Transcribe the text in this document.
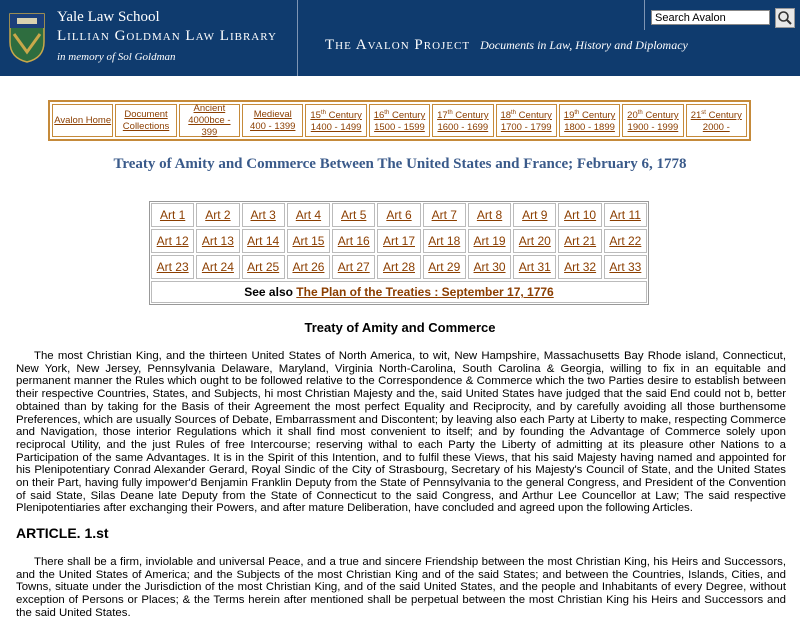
Yale Law School
Lillian Goldman Law Library
in memory of Sol Goldman
The Avalon Project Documents in Law, History and Diplomacy
Search Avalon
Avalon Home
Document
Collections
Ancient
4000bce - 399
Medieval
400 - 1399
15th Century
1400 - 1499
16th Century
1500 - 1599
17th Century
1600 - 1699
18th Century
1700 - 1799
19th Century
1800 - 1899
20th Century
1900 - 1999
21st Century
2000 -
Treaty of Amity and Commerce Between The United States and France; February 6, 1778
Art 1	Art 2	Art 3	Art 4	Art 5	Art 6	Art 7	Art 8	Art 9	Art 10	Art 11
Art 12	Art 13	Art 14	Art 15	Art 16	Art 17	Art 18	Art 19	Art 20	Art 21	Art 22
Art 23	Art 24	Art 25	Art 26	Art 27	Art 28	Art 29	Art 30	Art 31	Art 32	Art 33
See also The Plan of the Treaties : September 17, 1776
Treaty of Amity and Commerce
The most Christian King, and the thirteen United States of North America, to wit, New Hampshire, Massachusetts Bay Rhode island, Connecticut, New York, New Jersey, Pennsylvania Delaware, Maryland, Virginia North-Carolina, South Carolina & Georgia, willing to fix in an equitable and permanent manner the Rules which ought to be followed relative to the Correspondence & Commerce which the two Parties desire to establish between their respective Countries, States, and Subjects, hi most Christian Majesty and the, said United States have judged that the said End could not b, better obtained than by taking for the Basis of their Agreement the most perfect Equality and Reciprocity, and by carefully avoiding all those burthensome Preferences, which are usually Sources of Debate, Embarrassment and Discontent; by leaving also each Party at Liberty to make, respecting Commerce and Navigation, those interior Regulations which it shall find most convenient to itself; and by founding the Advantage of Commerce solely upon reciprocal Utility, and the just Rules of free Intercourse; reserving withal to each Party the Liberty of admitting at its pleasure other Nations to a Participation of the same Advantages. It is in the Spirit of this Intention, and to fulfil these Views, that his said Majesty having named and appointed for his Plenipotentiary Conrad Alexander Gerard, Royal Sindic of the City of Strasbourg, Secretary of his Majesty's Council of State, and the United States on their Part, having fully impower'd Benjamin Franklin Deputy from the State of Pennsylvania to the general Congress, and President of the Convention of said State, Silas Deane late Deputy from the State of Connecticut to the said Congress, and Arthur Lee Councellor at Law; The said respective Plenipotentiaries after exchanging their Powers, and after mature Deliberation, have concluded and agreed upon the following Articles.
ARTICLE. 1.st
There shall be a firm, inviolable and universal Peace, and a true and sincere Friendship between the most Christian King, his Heirs and Successors, and the United States of America; and the Subjects of the most Christian King and of the said States; and between the Countries, Islands, Cities, and Towns, situate under the Jurisdiction of the most Christian King, and of the said United States, and the people and Inhabitants of every Degree, without exception of Persons or Places; & the Terms herein after mentioned shall be perpetual between the most Christian King his Heirs and Successors and the said United States.
